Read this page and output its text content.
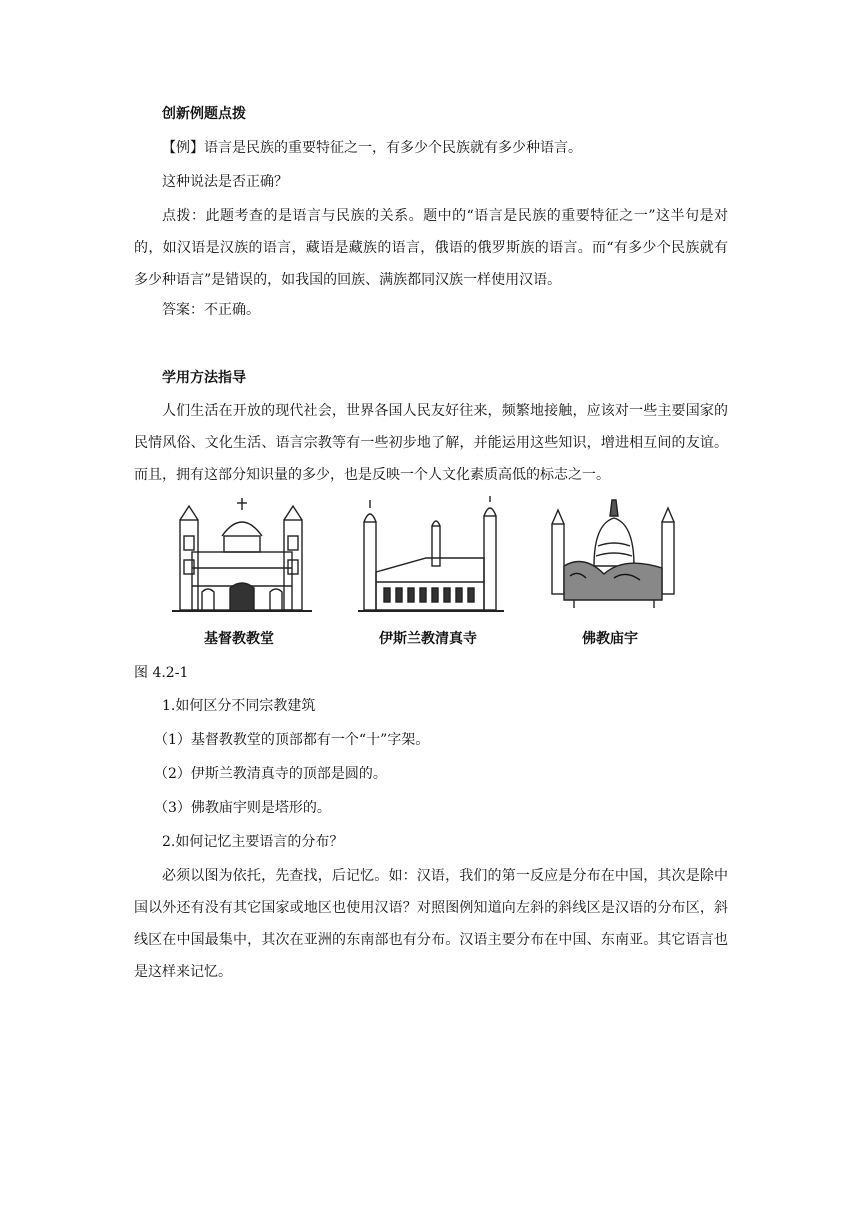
创新例题点拨
【例】语言是民族的重要特征之一，有多少个民族就有多少种语言。
这种说法是否正确？
点拨：此题考查的是语言与民族的关系。题中的“语言是民族的重要特征之一”这半句是对的，如汉语是汉族的语言，藏语是藏族的语言，俄语的俄罗斯族的语言。而“有多少个民族就有多少种语言”是错误的，如我国的回族、满族都同汉族一样使用汉语。
答案：不正确。
学用方法指导
人们生活在开放的现代社会，世界各国人民友好往来，频繁地接触，应该对一些主要国家的民情风俗、文化生活、语言宗教等有一些初步地了解，并能运用这些知识，增进相互间的友谊。而且，拥有这部分知识量的多少，也是反映一个人文化素质高低的标志之一。
基督教教堂	伊斯兰教清真寺	佛教庙宇
图 4.2-1
1.如何区分不同宗教建筑
（1）基督教教堂的顶部都有一个“十”字架。
（2）伊斯兰教清真寺的顶部是圆的。
（3）佛教庙宇则是塔形的。
2.如何记忆主要语言的分布？
必须以图为依托，先查找，后记忆。如：汉语，我们的第一反应是分布在中国，其次是除中国以外还有没有其它国家或地区也使用汉语？对照图例知道向左斜的斜线区是汉语的分布区，斜线区在中国最集中，其次在亚洲的东南部也有分布。汉语主要分布在中国、东南亚。其它语言也是这样来记忆。
